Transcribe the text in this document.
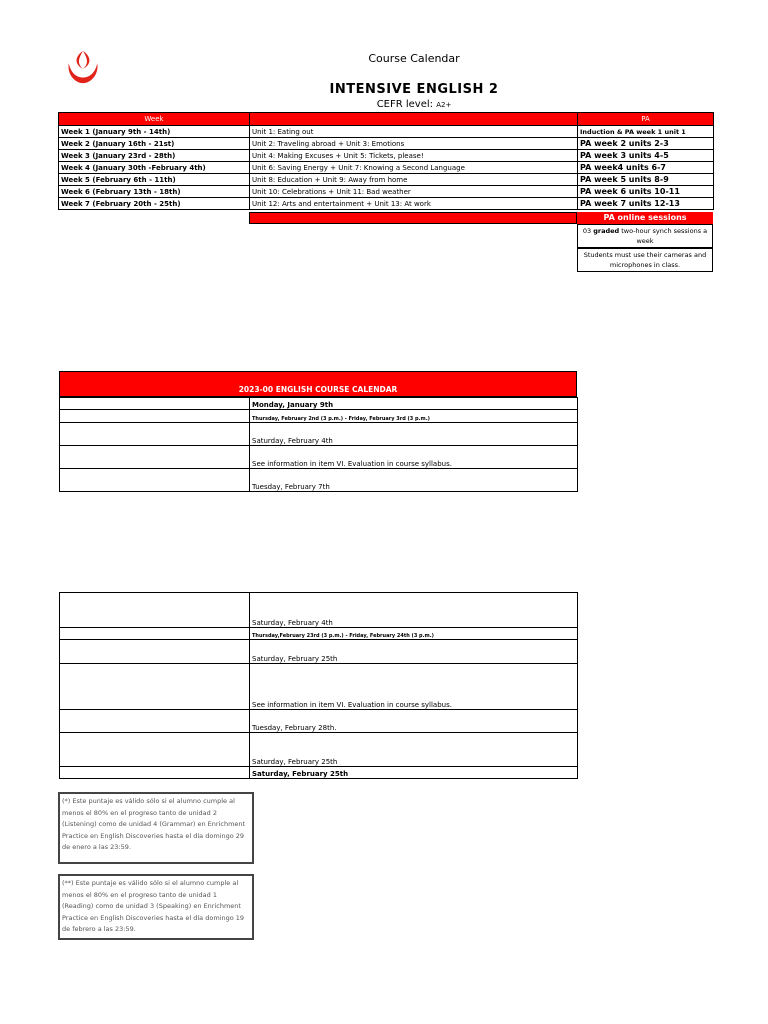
Course Calendar
INTENSIVE ENGLISH 2
CEFR level: A2+
Week		PA
Week 1 (January 9th - 14th)	Unit 1: Eating out	Induction & PA week 1 unit 1
Week 2 (January 16th - 21st)	Unit 2: Traveling abroad + Unit 3: Emotions	PA week 2 units 2-3
Week 3 (January 23rd - 28th)	Unit 4: Making Excuses + Unit 5: Tickets, please!	PA week 3 units 4-5
Week 4 (January 30th -February 4th)	Unit 6: Saving Energy + Unit 7: Knowing a Second Language	PA week4 units 6-7
Week 5 (February 6th - 11th)	Unit 8: Education + Unit 9: Away from home	PA week 5 units 8-9
Week 6 (February 13th - 18th)	Unit 10: Celebrations + Unit 11: Bad weather	PA week 6 units 10-11
Week 7 (February 20th - 25th)	Unit 12: Arts and entertainment + Unit 13: At work	PA week 7 units 12-13
PA online sessions
03 graded two-hour synch sessions a week
Students must use their cameras and microphones in class.
2023-00 ENGLISH COURSE CALENDAR
	Monday, January 9th
	Thursday, February 2nd (3 p.m.) - Friday, February 3rd (3 p.m.)
	Saturday, February 4th
	See information in item VI. Evaluation in course syllabus.
	Tuesday, February 7th
	Saturday, February 4th
	Thursday,February 23rd (3 p.m.) - Friday, February 24th (3 p.m.)
	Saturday, February 25th
	See information in item VI. Evaluation in course syllabus.
	Tuesday, February 28th.
	Saturday, February 25th
	Saturday, February 25th
(*) Este puntaje es válido sólo si el alumno cumple al menos el 80% en el progreso tanto de unidad 2 (Listening) como de unidad 4 (Grammar) en Enrichment Practice en English Discoveries hasta el día domingo 29 de enero a las 23:59.
(**) Este puntaje es válido sólo si el alumno cumple al menos el 80% en el progreso tanto de unidad 1 (Reading) como de unidad 3 (Speaking) en Enrichment Practice en English Discoveries hasta el día domingo 19 de febrero a las 23:59.
